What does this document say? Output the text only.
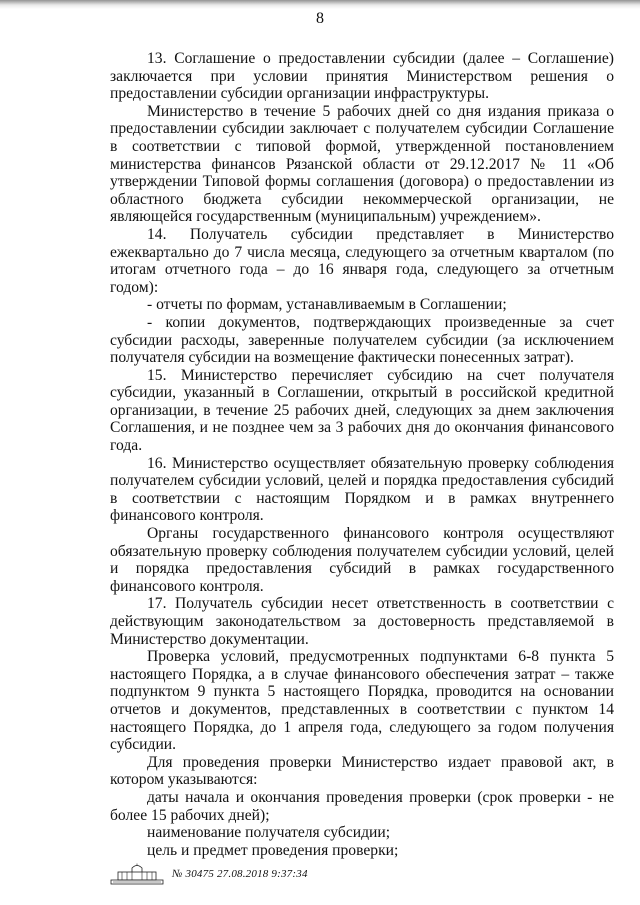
8

13. Соглашение о предоставлении субсидии (далее – Соглашение) заключается при условии принятия Министерством решения о предоставлении субсидии организации инфраструктуры.

Министерство в течение 5 рабочих дней со дня издания приказа о предоставлении субсидии заключает с получателем субсидии Соглашение в соответствии с типовой формой, утвержденной постановлением министерства финансов Рязанской области от 29.12.2017 № 11 «Об утверждении Типовой формы соглашения (договора) о предоставлении из областного бюджета субсидии некоммерческой организации, не являющейся государственным (муниципальным) учреждением».

14. Получатель субсидии представляет в Министерство ежеквартально до 7 числа месяца, следующего за отчетным кварталом (по итогам отчетного года – до 16 января года, следующего за отчетным годом):

- отчеты по формам, устанавливаемым в Соглашении;

- копии документов, подтверждающих произведенные за счет субсидии расходы, заверенные получателем субсидии (за исключением получателя субсидии на возмещение фактически понесенных затрат).

15. Министерство перечисляет субсидию на счет получателя субсидии, указанный в Соглашении, открытый в российской кредитной организации, в течение 25 рабочих дней, следующих за днем заключения Соглашения, и не позднее чем за 3 рабочих дня до окончания финансового года.

16. Министерство осуществляет обязательную проверку соблюдения получателем субсидии условий, целей и порядка предоставления субсидий в соответствии с настоящим Порядком и в рамках внутреннего финансового контроля.

Органы государственного финансового контроля осуществляют обязательную проверку соблюдения получателем субсидии условий, целей и порядка предоставления субсидий в рамках государственного финансового контроля.

17. Получатель субсидии несет ответственность в соответствии с действующим законодательством за достоверность представляемой в Министерство документации.

Проверка условий, предусмотренных подпунктами 6-8 пункта 5 настоящего Порядка, а в случае финансового обеспечения затрат – также подпунктом 9 пункта 5 настоящего Порядка, проводится на основании отчетов и документов, представленных в соответствии с пунктом 14 настоящего Порядка, до 1 апреля года, следующего за годом получения субсидии.

Для проведения проверки Министерство издает правовой акт, в котором указываются:

даты начала и окончания проведения проверки (срок проверки - не более 15 рабочих дней);

наименование получателя субсидии;

цель и предмет проведения проверки;

№ 30475 27.08.2018 9:37:34
